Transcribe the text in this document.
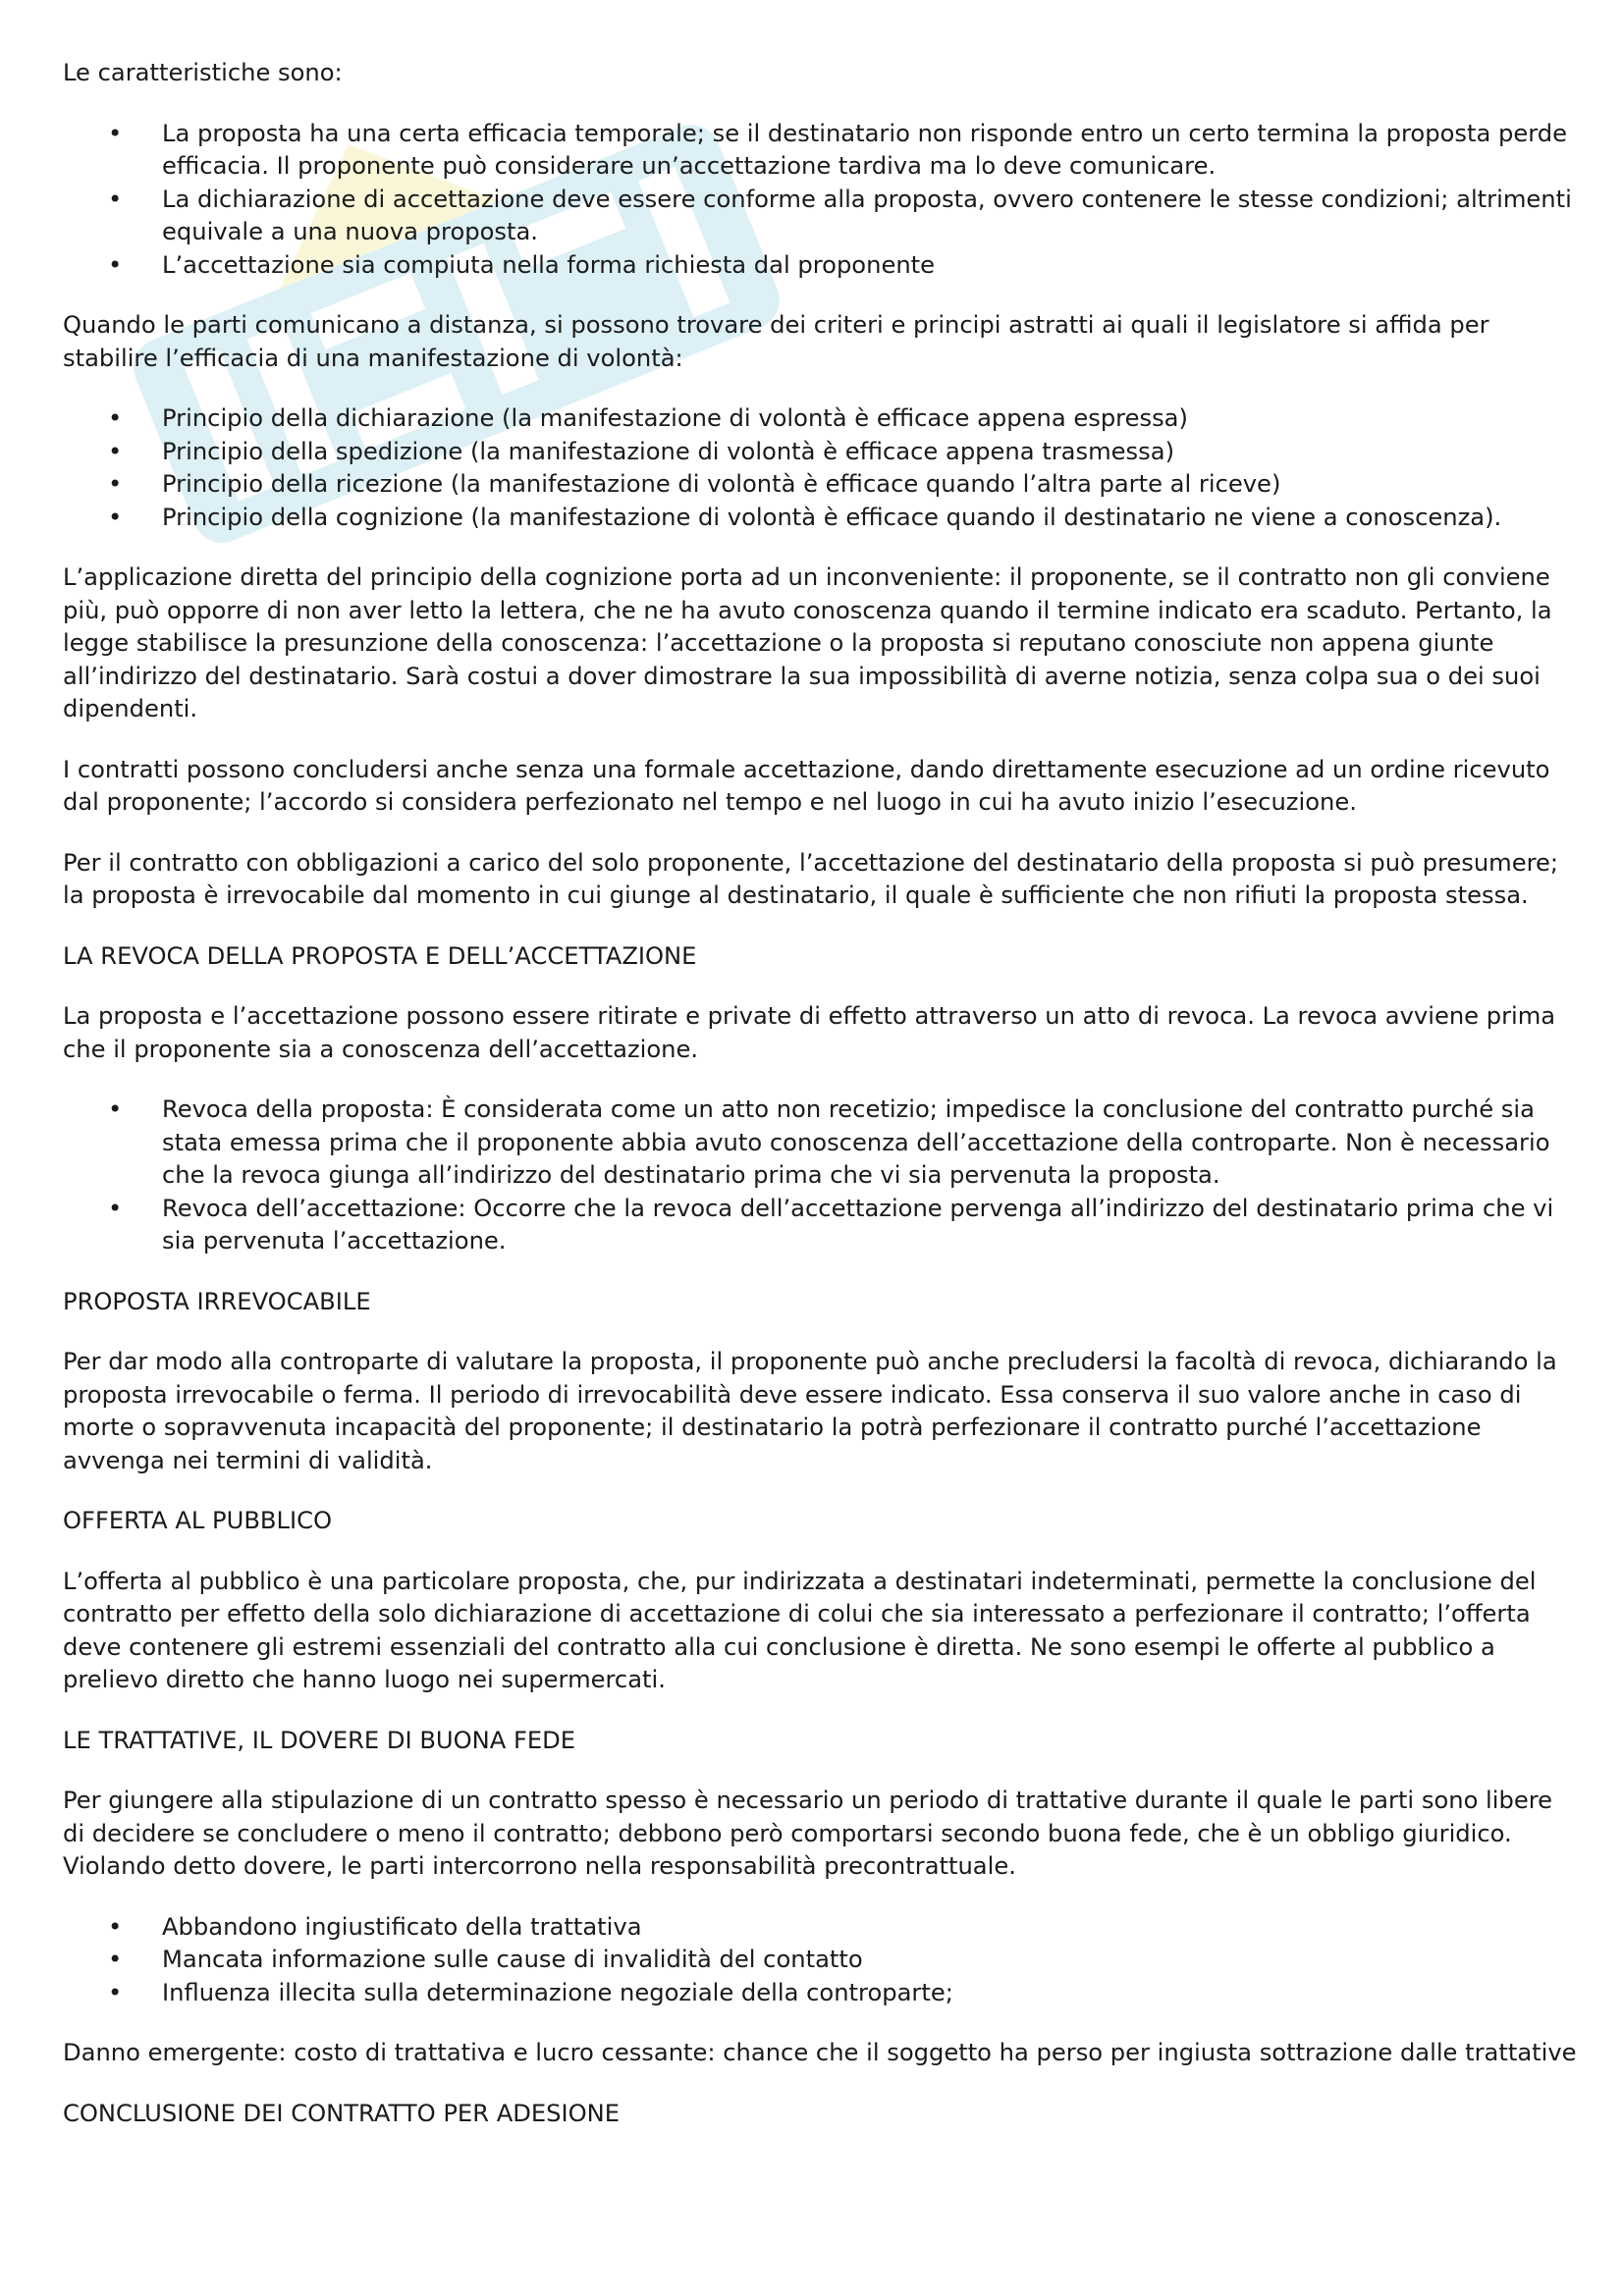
Le caratteristiche sono:

• La proposta ha una certa efficacia temporale; se il destinatario non risponde entro un certo termina la proposta perde efficacia. Il proponente può considerare un’accettazione tardiva ma lo deve comunicare.
• La dichiarazione di accettazione deve essere conforme alla proposta, ovvero contenere le stesse condizioni; altrimenti equivale a una nuova proposta.
• L’accettazione sia compiuta nella forma richiesta dal proponente

Quando le parti comunicano a distanza, si possono trovare dei criteri e principi astratti ai quali il legislatore si affida per stabilire l’efficacia di una manifestazione di volontà:

• Principio della dichiarazione (la manifestazione di volontà è efficace appena espressa)
• Principio della spedizione (la manifestazione di volontà è efficace appena trasmessa)
• Principio della ricezione (la manifestazione di volontà è efficace quando l’altra parte al riceve)
• Principio della cognizione (la manifestazione di volontà è efficace quando il destinatario ne viene a conoscenza).

L’applicazione diretta del principio della cognizione porta ad un inconveniente: il proponente, se il contratto non gli conviene più, può opporre di non aver letto la lettera, che ne ha avuto conoscenza quando il termine indicato era scaduto. Pertanto, la legge stabilisce la presunzione della conoscenza: l’accettazione o la proposta si reputano conosciute non appena giunte all’indirizzo del destinatario. Sarà costui a dover dimostrare la sua impossibilità di averne notizia, senza colpa sua o dei suoi dipendenti.

I contratti possono concludersi anche senza una formale accettazione, dando direttamente esecuzione ad un ordine ricevuto dal proponente; l’accordo si considera perfezionato nel tempo e nel luogo in cui ha avuto inizio l’esecuzione.

Per il contratto con obbligazioni a carico del solo proponente, l’accettazione del destinatario della proposta si può presumere; la proposta è irrevocabile dal momento in cui giunge al destinatario, il quale è sufficiente che non rifiuti la proposta stessa.

LA REVOCA DELLA PROPOSTA E DELL’ACCETTAZIONE

La proposta e l’accettazione possono essere ritirate e private di effetto attraverso un atto di revoca. La revoca avviene prima che il proponente sia a conoscenza dell’accettazione.

• Revoca della proposta: È considerata come un atto non recetizio; impedisce la conclusione del contratto purché sia stata emessa prima che il proponente abbia avuto conoscenza dell’accettazione della controparte. Non è necessario che la revoca giunga all’indirizzo del destinatario prima che vi sia pervenuta la proposta.
• Revoca dell’accettazione: Occorre che la revoca dell’accettazione pervenga all’indirizzo del destinatario prima che vi sia pervenuta l’accettazione.

PROPOSTA IRREVOCABILE

Per dar modo alla controparte di valutare la proposta, il proponente può anche precludersi la facoltà di revoca, dichiarando la proposta irrevocabile o ferma. Il periodo di irrevocabilità deve essere indicato. Essa conserva il suo valore anche in caso di morte o sopravvenuta incapacità del proponente; il destinatario la potrà perfezionare il contratto purché l’accettazione avvenga nei termini di validità.

OFFERTA AL PUBBLICO

L’offerta al pubblico è una particolare proposta, che, pur indirizzata a destinatari indeterminati, permette la conclusione del contratto per effetto della solo dichiarazione di accettazione di colui che sia interessato a perfezionare il contratto; l’offerta deve contenere gli estremi essenziali del contratto alla cui conclusione è diretta. Ne sono esempi le offerte al pubblico a prelievo diretto che hanno luogo nei supermercati.

LE TRATTATIVE, IL DOVERE DI BUONA FEDE

Per giungere alla stipulazione di un contratto spesso è necessario un periodo di trattative durante il quale le parti sono libere di decidere se concludere o meno il contratto; debbono però comportarsi secondo buona fede, che è un obbligo giuridico. Violando detto dovere, le parti intercorrono nella responsabilità precontrattuale.

• Abbandono ingiustificato della trattativa
• Mancata informazione sulle cause di invalidità del contatto
• Influenza illecita sulla determinazione negoziale della controparte;

Danno emergente: costo di trattativa e lucro cessante: chance che il soggetto ha perso per ingiusta sottrazione dalle trattative

CONCLUSIONE DEI CONTRATTO PER ADESIONE
